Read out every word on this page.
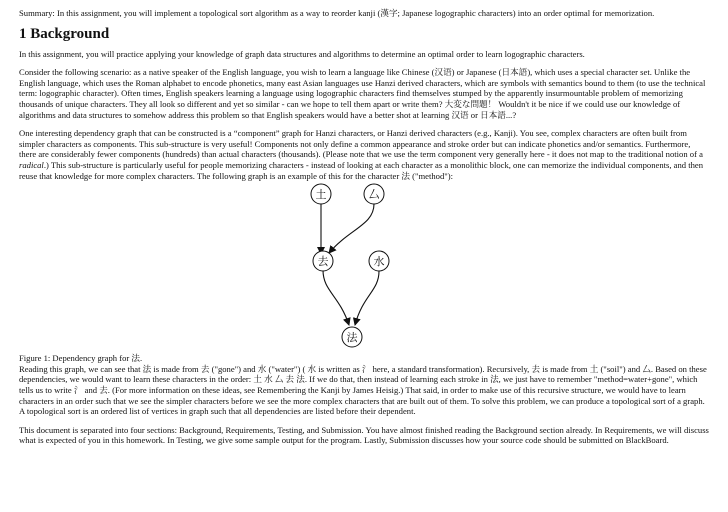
Summary: In this assignment, you will implement a topological sort algorithm as a way to reorder kanji (漢字; Japanese logographic characters) into an order optimal for memorization.

1 Background

In this assignment, you will practice applying your knowledge of graph data structures and algorithms to determine an optimal order to learn logographic characters.

Consider the following scenario: as a native speaker of the English language, you wish to learn a language like Chinese (汉语) or Japanese (日本語), which uses a special character set. Unlike the English language, which uses the Roman alphabet to encode phonetics, many east Asian languages use Hanzi derived characters, which are symbols with semantics bound to them (to use the technical term: logographic character). Often times, English speakers learning a language using logographic characters find themselves stumped by the apparently insurmountable problem of memorizing thousands of unique characters. They all look so different and yet so similar - can we hope to tell them apart or write them? 大変な問題！ Wouldn't it be nice if we could use our knowledge of algorithms and data structures to somehow address this problem so that English speakers would have a better shot at learning 汉语 or 日本語...?

One interesting dependency graph that can be constructed is a “component” graph for Hanzi characters, or Hanzi derived characters (e.g., Kanji). You see, complex characters are often built from simpler characters as components. This sub-structure is very useful! Components not only define a common appearance and stroke order but can indicate phonetics and/or semantics. Furthermore, there are considerably fewer components (hundreds) than actual characters (thousands). (Please note that we use the term component very generally here - it does not map to the traditional notion of a radical.) This sub-structure is particularly useful for people memorizing characters - instead of looking at each character as a monolithic block, one can memorize the individual components, and then reuse that knowledge for more complex characters. The following graph is an example of this for the character 法 ("method"):

土	厶
去	水
法

Figure 1: Dependency graph for 法.

Reading this graph, we can see that 法 is made from 去 ("gone") and 水 ("water") ( 水 is written as 氵 here, a standard transformation). Recursively, 去 is made from 土 ("soil") and 厶. Based on these dependencies, we would want to learn these characters in the order: 土 水 厶 去 法. If we do that, then instead of learning each stroke in 法, we just have to remember "method=water+gone", which tells us to write 氵 and 去. (For more information on these ideas, see Remembering the Kanji by James Heisig.) That said, in order to make use of this recursive structure, we would have to learn characters in an order such that we see the simpler characters before we see the more complex characters that are built out of them. To solve this problem, we can produce a topological sort of a graph. A topological sort is an ordered list of vertices in graph such that all dependencies are listed before their dependent.

This document is separated into four sections: Background, Requirements, Testing, and Submission. You have almost finished reading the Background section already. In Requirements, we will discuss what is expected of you in this homework. In Testing, we give some sample output for the program. Lastly, Submission discusses how your source code should be submitted on BlackBoard.
